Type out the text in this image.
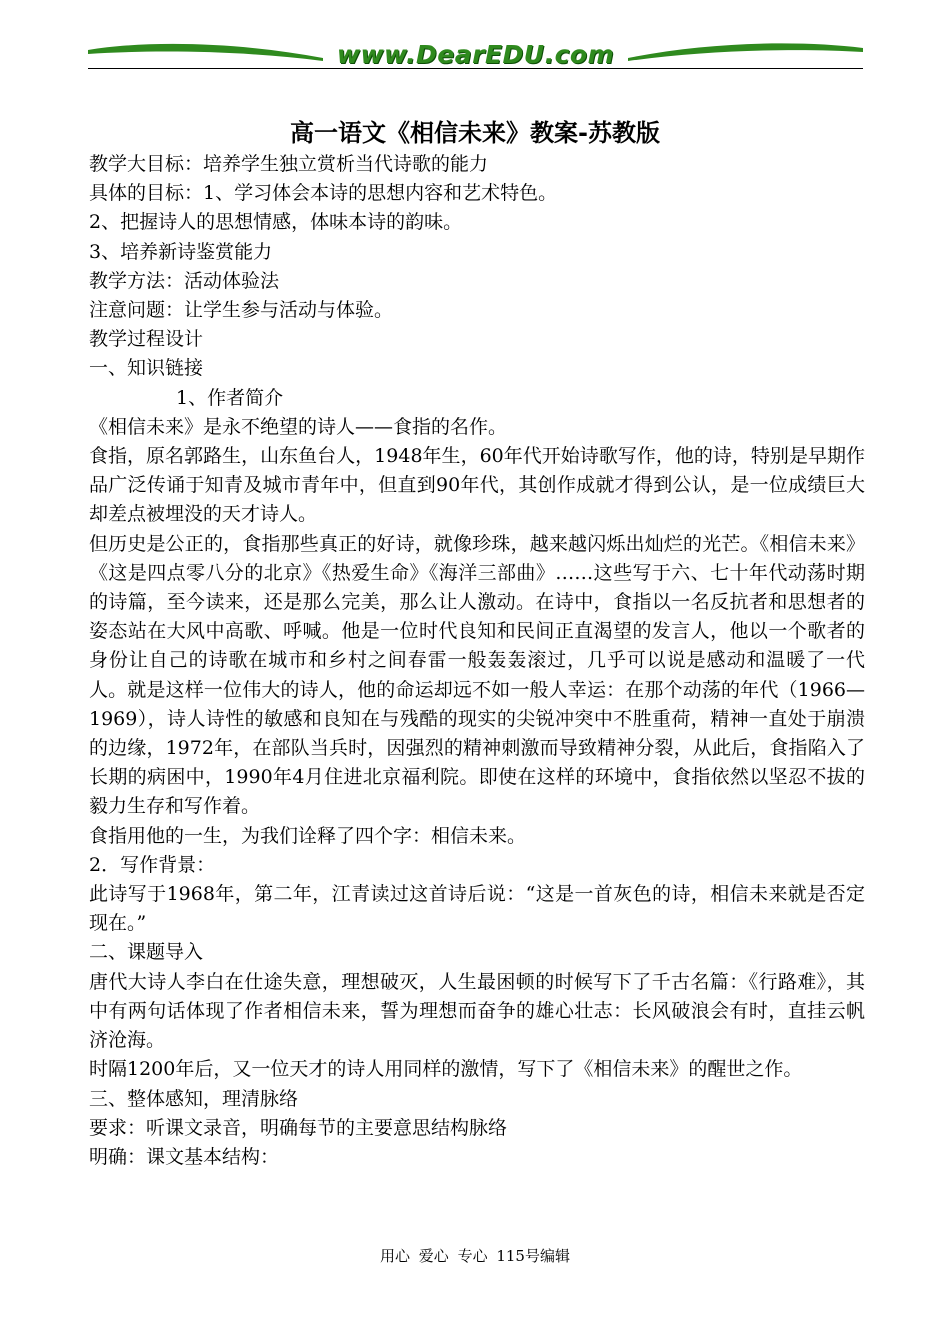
www.DearEDU.com
高一语文《相信未来》教案-苏教版

教学大目标：培养学生独立赏析当代诗歌的能力

具体的目标：1、学习体会本诗的思想内容和艺术特色。

2、把握诗人的思想情感，体味本诗的韵味。

3、培养新诗鉴赏能力

教学方法：活动体验法

注意问题：让学生参与活动与体验。

教学过程设计

一、知识链接

1、作者简介

《相信未来》是永不绝望的诗人——食指的名作。

食指，原名郭路生，山东鱼台人，1948年生，60年代开始诗歌写作，他的诗，特别是早期作品广泛传诵于知青及城市青年中，但直到90年代，其创作成就才得到公认，是一位成绩巨大却差点被埋没的天才诗人。

但历史是公正的，食指那些真正的好诗，就像珍珠，越来越闪烁出灿烂的光芒。《相信未来》《这是四点零八分的北京》《热爱生命》《海洋三部曲》……这些写于六、七十年代动荡时期的诗篇，至今读来，还是那么完美，那么让人激动。在诗中，食指以一名反抗者和思想者的姿态站在大风中高歌、呼喊。他是一位时代良知和民间正直渴望的发言人，他以一个歌者的身份让自己的诗歌在城市和乡村之间春雷一般轰轰滚过，几乎可以说是感动和温暖了一代人。就是这样一位伟大的诗人，他的命运却远不如一般人幸运：在那个动荡的年代（1966—1969），诗人诗性的敏感和良知在与残酷的现实的尖锐冲突中不胜重荷，精神一直处于崩溃的边缘，1972年，在部队当兵时，因强烈的精神刺激而导致精神分裂，从此后，食指陷入了长期的病困中，1990年4月住进北京福利院。即使在这样的环境中，食指依然以坚忍不拔的毅力生存和写作着。

食指用他的一生，为我们诠释了四个字：相信未来。

2．写作背景：

此诗写于1968年，第二年，江青读过这首诗后说：“这是一首灰色的诗，相信未来就是否定现在。”

二、课题导入

唐代大诗人李白在仕途失意，理想破灭，人生最困顿的时候写下了千古名篇：《行路难》，其中有两句话体现了作者相信未来，誓为理想而奋争的雄心壮志：长风破浪会有时，直挂云帆济沧海。

时隔1200年后，又一位天才的诗人用同样的激情，写下了《相信未来》的醒世之作。

三、整体感知，理清脉络

要求：听课文录音，明确每节的主要意思结构脉络

明确：课文基本结构：

用心 爱心 专心 115号编辑
